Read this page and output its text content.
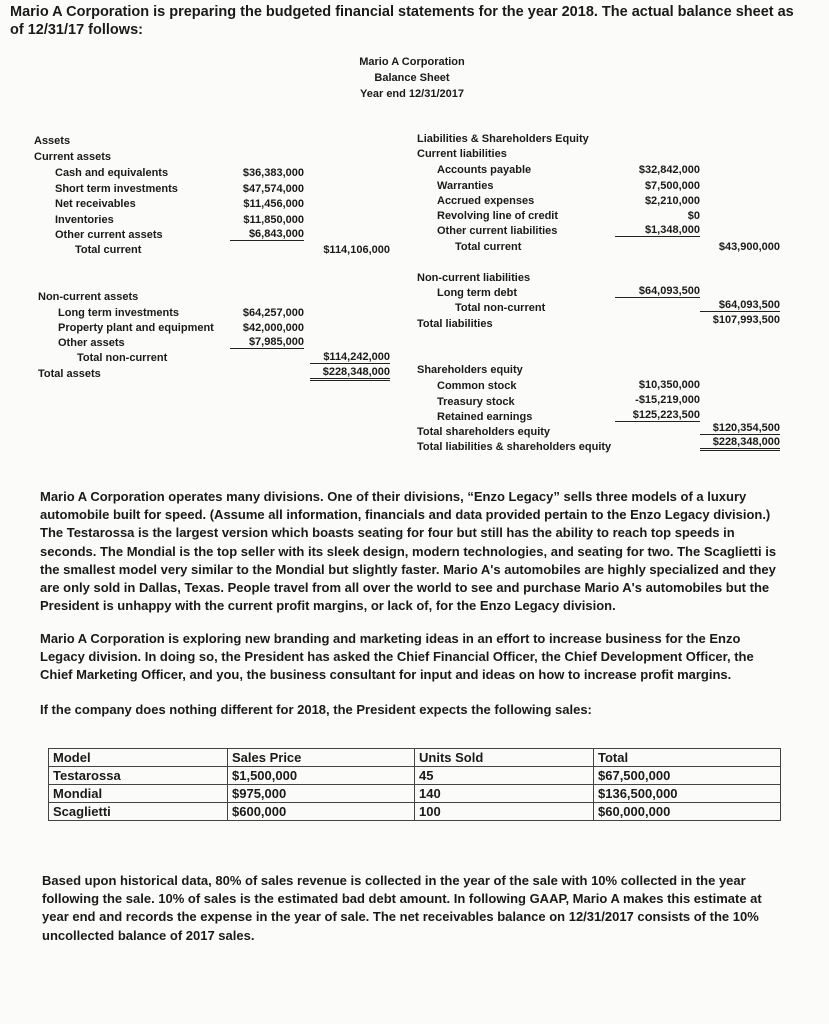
Mario A Corporation is preparing the budgeted financial statements for the year 2018. The actual balance sheet as of 12/31/17 follows:
Mario A Corporation
Balance Sheet
Year end 12/31/2017
Assets
Current assets
Cash and equivalents	$36,383,000
Short term investments	$47,574,000
Net receivables	$11,456,000
Inventories	$11,850,000
Other current assets	$6,843,000
Total current	$114,106,000
Non-current assets
Long term investments	$64,257,000
Property plant and equipment	$42,000,000
Other assets	$7,985,000
Total non-current	$114,242,000
Total assets	$228,348,000
Liabilities & Shareholders Equity
Current liabilities
Accounts payable	$32,842,000
Warranties	$7,500,000
Accrued expenses	$2,210,000
Revolving line of credit	$0
Other current liabilities	$1,348,000
Total current	$43,900,000
Non-current liabilities
Long term debt	$64,093,500
Total non-current	$64,093,500
Total liabilities	$107,993,500
Shareholders equity
Common stock	$10,350,000
Treasury stock	-$15,219,000
Retained earnings	$125,223,500
Total shareholders equity	$120,354,500
Total liabilities & shareholders equity	$228,348,000
Mario A Corporation operates many divisions. One of their divisions, “Enzo Legacy” sells three models of a luxury automobile built for speed. (Assume all information, financials and data provided pertain to the Enzo Legacy division.) The Testarossa is the largest version which boasts seating for four but still has the ability to reach top speeds in seconds. The Mondial is the top seller with its sleek design, modern technologies, and seating for two. The Scaglietti is the smallest model very similar to the Mondial but slightly faster. Mario A's automobiles are highly specialized and they are only sold in Dallas, Texas. People travel from all over the world to see and purchase Mario A's automobiles but the President is unhappy with the current profit margins, or lack of, for the Enzo Legacy division.
Mario A Corporation is exploring new branding and marketing ideas in an effort to increase business for the Enzo Legacy division. In doing so, the President has asked the Chief Financial Officer, the Chief Development Officer, the Chief Marketing Officer, and you, the business consultant for input and ideas on how to increase profit margins.
If the company does nothing different for 2018, the President expects the following sales:
Model	Sales Price	Units Sold	Total
Testarossa	$1,500,000	45	$67,500,000
Mondial	$975,000	140	$136,500,000
Scaglietti	$600,000	100	$60,000,000
Based upon historical data, 80% of sales revenue is collected in the year of the sale with 10% collected in the year following the sale. 10% of sales is the estimated bad debt amount. In following GAAP, Mario A makes this estimate at year end and records the expense in the year of sale. The net receivables balance on 12/31/2017 consists of the 10% uncollected balance of 2017 sales.
